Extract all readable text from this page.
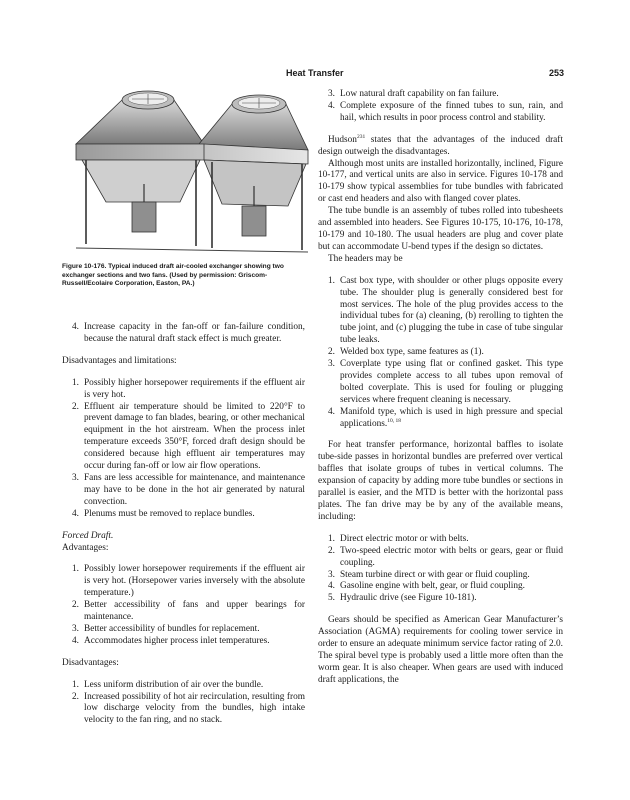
Heat Transfer	253
Figure 10-176. Typical induced draft air-cooled exchanger showing two exchanger sections and two fans. (Used by permission: Griscom-Russell/Ecolaire Corporation, Easton, PA.)
4. Increase capacity in the fan-off or fan-failure condition, because the natural draft stack effect is much greater.

Disadvantages and limitations:

1. Possibly higher horsepower requirements if the effluent air is very hot.
2. Effluent air temperature should be limited to 220°F to prevent damage to fan blades, bearing, or other mechanical equipment in the hot airstream. When the process inlet temperature exceeds 350°F, forced draft design should be considered because high effluent air temperatures may occur during fan-off or low air flow operations.
3. Fans are less accessible for maintenance, and maintenance may have to be done in the hot air generated by natural convection.
4. Plenums must be removed to replace bundles.

Forced Draft.

Advantages:

1. Possibly lower horsepower requirements if the effluent air is very hot. (Horsepower varies inversely with the absolute temperature.)
2. Better accessibility of fans and upper bearings for maintenance.
3. Better accessibility of bundles for replacement.
4. Accommodates higher process inlet temperatures.

Disadvantages:

1. Less uniform distribution of air over the bundle.
2. Increased possibility of hot air recirculation, resulting from low discharge velocity from the bundles, high intake velocity to the fan ring, and no stack.
3. Low natural draft capability on fan failure.
4. Complete exposure of the finned tubes to sun, rain, and hail, which results in poor process control and stability.

Hudson$^{231}$ states that the advantages of the induced draft design outweigh the disadvantages.

Although most units are installed horizontally, inclined, Figure 10-177, and vertical units are also in service. Figures 10-178 and 10-179 show typical assemblies for tube bundles with fabricated or cast end headers and also with flanged cover plates.

The tube bundle is an assembly of tubes rolled into tubesheets and assembled into headers. See Figures 10-175, 10-176, 10-178, 10-179 and 10-180. The usual headers are plug and cover plate but can accommodate U-bend types if the design so dictates.

The headers may be

1. Cast box type, with shoulder or other plugs opposite every tube. The shoulder plug is generally considered best for most services. The hole of the plug provides access to the individual tubes for (a) cleaning, (b) rerolling to tighten the tube joint, and (c) plugging the tube in case of tube singular tube leaks.
2. Welded box type, same features as (1).
3. Coverplate type using flat or confined gasket. This type provides complete access to all tubes upon removal of bolted coverplate. This is used for fouling or plugging services where frequent cleaning is necessary.
4. Manifold type, which is used in high pressure and special applications.$^{10, 18}$

For heat transfer performance, horizontal baffles to isolate tube-side passes in horizontal bundles are preferred over vertical baffles that isolate groups of tubes in vertical columns. The expansion of capacity by adding more tube bundles or sections in parallel is easier, and the MTD is better with the horizontal pass plates. The fan drive may be by any of the available means, including:

1. Direct electric motor or with belts.
2. Two-speed electric motor with belts or gears, gear or fluid coupling.
3. Steam turbine direct or with gear or fluid coupling.
4. Gasoline engine with belt, gear, or fluid coupling.
5. Hydraulic drive (see Figure 10-181).

Gears should be specified as American Gear Manufacturer’s Association (AGMA) requirements for cooling tower service in order to ensure an adequate minimum service factor rating of 2.0. The spiral bevel type is probably used a little more often than the worm gear. It is also cheaper. When gears are used with induced draft applications, the
